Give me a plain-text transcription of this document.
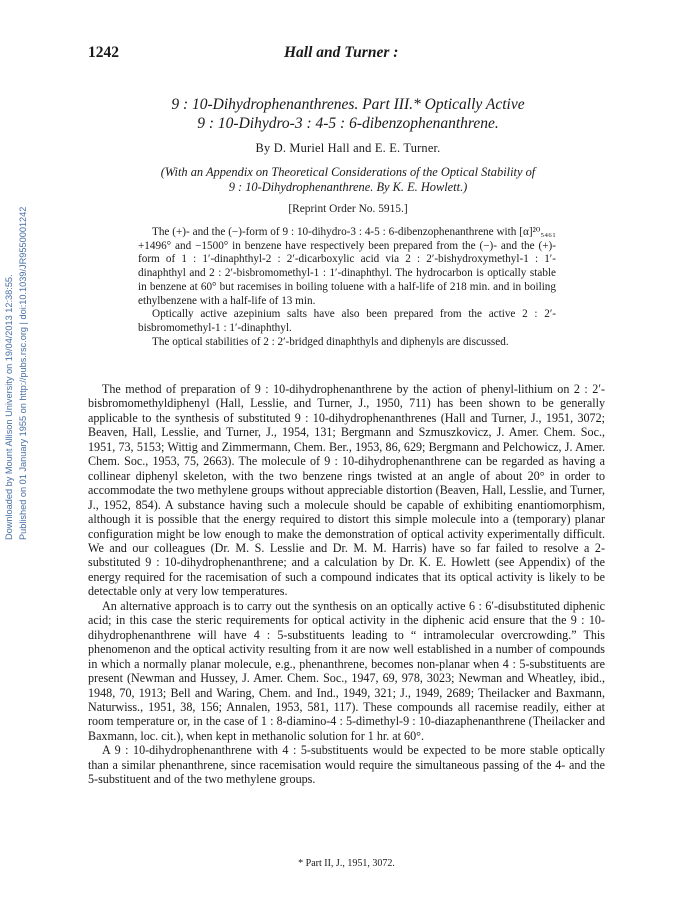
Downloaded by Mount Allison University on 19/04/2013 12:38:55. Published on 01 January 1955 on http://pubs.rsc.org | doi:10.1039/JR9550001242
1242	Hall and Turner :
9 : 10-Dihydrophenanthrenes. Part III.* Optically Active
9 : 10-Dihydro-3 : 4-5 : 6-dibenzophenanthrene.
By D. Muriel Hall and E. E. Turner.
(With an Appendix on Theoretical Considerations of the Optical Stability of
9 : 10-Dihydrophenanthrene. By K. E. Howlett.)
[Reprint Order No. 5915.]

The (+)- and the (−)-form of 9 : 10-dihydro-3 : 4-5 : 6-dibenzophenanthrene with [α]²⁰₅₄₆₁ +1496° and −1500° in benzene have respectively been prepared from the (−)- and the (+)-form of 1 : 1′-dinaphthyl-2 : 2′-dicarboxylic acid via 2 : 2′-bishydroxymethyl-1 : 1′-dinaphthyl and 2 : 2′-bisbromomethyl-1 : 1′-dinaphthyl. The hydrocarbon is optically stable in benzene at 60° but racemises in boiling toluene with a half-life of 218 min. and in boiling ethylbenzene with a half-life of 13 min.

Optically active azepinium salts have also been prepared from the active 2 : 2′-bisbromomethyl-1 : 1′-dinaphthyl.

The optical stabilities of 2 : 2′-bridged dinaphthyls and diphenyls are discussed.

The method of preparation of 9 : 10-dihydrophenanthrene by the action of phenyl-lithium on 2 : 2′-bisbromomethyldiphenyl (Hall, Lesslie, and Turner, J., 1950, 711) has been shown to be generally applicable to the synthesis of substituted 9 : 10-dihydrophenanthrenes (Hall and Turner, J., 1951, 3072; Beaven, Hall, Lesslie, and Turner, J., 1954, 131; Bergmann and Szmuszkovicz, J. Amer. Chem. Soc., 1951, 73, 5153; Wittig and Zimmermann, Chem. Ber., 1953, 86, 629; Bergmann and Pelchowicz, J. Amer. Chem. Soc., 1953, 75, 2663). The molecule of 9 : 10-dihydrophenanthrene can be regarded as having a collinear diphenyl skeleton, with the two benzene rings twisted at an angle of about 20° in order to accommodate the two methylene groups without appreciable distortion (Beaven, Hall, Lesslie, and Turner, J., 1952, 854). A substance having such a molecule should be capable of exhibiting enantiomorphism, although it is possible that the energy required to distort this simple molecule into a (temporary) planar configuration might be low enough to make the demonstration of optical activity experimentally difficult. We and our colleagues (Dr. M. S. Lesslie and Dr. M. M. Harris) have so far failed to resolve a 2-substituted 9 : 10-dihydrophenanthrene; and a calculation by Dr. K. E. Howlett (see Appendix) of the energy required for the racemisation of such a compound indicates that its optical activity is likely to be detectable only at very low temperatures.

An alternative approach is to carry out the synthesis on an optically active 6 : 6′-disubstituted diphenic acid; in this case the steric requirements for optical activity in the diphenic acid ensure that the 9 : 10-dihydrophenanthrene will have 4 : 5-substituents leading to “ intramolecular overcrowding.” This phenomenon and the optical activity resulting from it are now well established in a number of compounds in which a normally planar molecule, e.g., phenanthrene, becomes non-planar when 4 : 5-substituents are present (Newman and Hussey, J. Amer. Chem. Soc., 1947, 69, 978, 3023; Newman and Wheatley, ibid., 1948, 70, 1913; Bell and Waring, Chem. and Ind., 1949, 321; J., 1949, 2689; Theilacker and Baxmann, Naturwiss., 1951, 38, 156; Annalen, 1953, 581, 117). These compounds all racemise readily, either at room temperature or, in the case of 1 : 8-diamino-4 : 5-dimethyl-9 : 10-diazaphenanthrene (Theilacker and Baxmann, loc. cit.), when kept in methanolic solution for 1 hr. at 60°.

A 9 : 10-dihydrophenanthrene with 4 : 5-substituents would be expected to be more stable optically than a similar phenanthrene, since racemisation would require the simultaneous passing of the 4- and the 5-substituent and of the two methylene groups.

* Part II, J., 1951, 3072.
